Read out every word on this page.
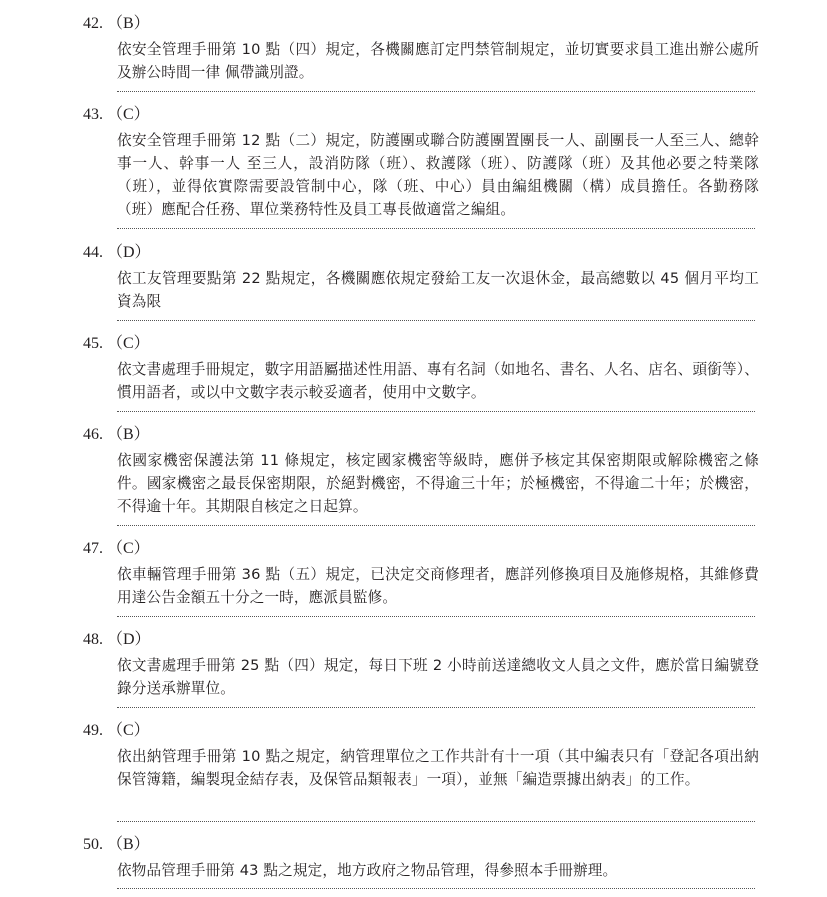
42. （B）
依安全管理手冊第 10 點（四）規定，各機關應訂定門禁管制規定，並切實要求員工進出辦公處所及辦公時間一律 佩帶識別證。
43. （C）
依安全管理手冊第 12 點（二）規定，防護團或聯合防護團置團長一人、副團長一人至三人、總幹事一人、幹事一人 至三人，設消防隊（班）、救護隊（班）、防護隊（班）及其他必要之特業隊（班），並得依實際需要設管制中心，隊（班、中心）員由編組機關（構）成員擔任。各勤務隊（班）應配合任務、單位業務特性及員工專長做適當之編組。
44. （D）
依工友管理要點第 22 點規定，各機關應依規定發給工友一次退休金，最高總數以 45 個月平均工資為限
45. （C）
依文書處理手冊規定，數字用語屬描述性用語、專有名詞（如地名、書名、人名、店名、頭銜等）、慣用語者，或以中文數字表示較妥適者，使用中文數字。
46. （B）
依國家機密保護法第 11 條規定，核定國家機密等級時，應併予核定其保密期限或解除機密之條件。國家機密之最長保密期限，於絕對機密，不得逾三十年；於極機密，不得逾二十年；於機密，不得逾十年。其期限自核定之日起算。
47. （C）
依車輛管理手冊第 36 點（五）規定，已決定交商修理者，應詳列修換項目及施修規格，其維修費用達公告金額五十分之一時，應派員監修。
48. （D）
依文書處理手冊第 25 點（四）規定，每日下班 2 小時前送達總收文人員之文件，應於當日編號登錄分送承辦單位。
49. （C）
依出納管理手冊第 10 點之規定，納管理單位之工作共計有十一項（其中編表只有「登記各項出納保管簿籍，編製現金結存表，及保管品類報表」一項），並無「編造票據出納表」的工作。
50. （B）
依物品管理手冊第 43 點之規定，地方政府之物品管理，得參照本手冊辦理。
